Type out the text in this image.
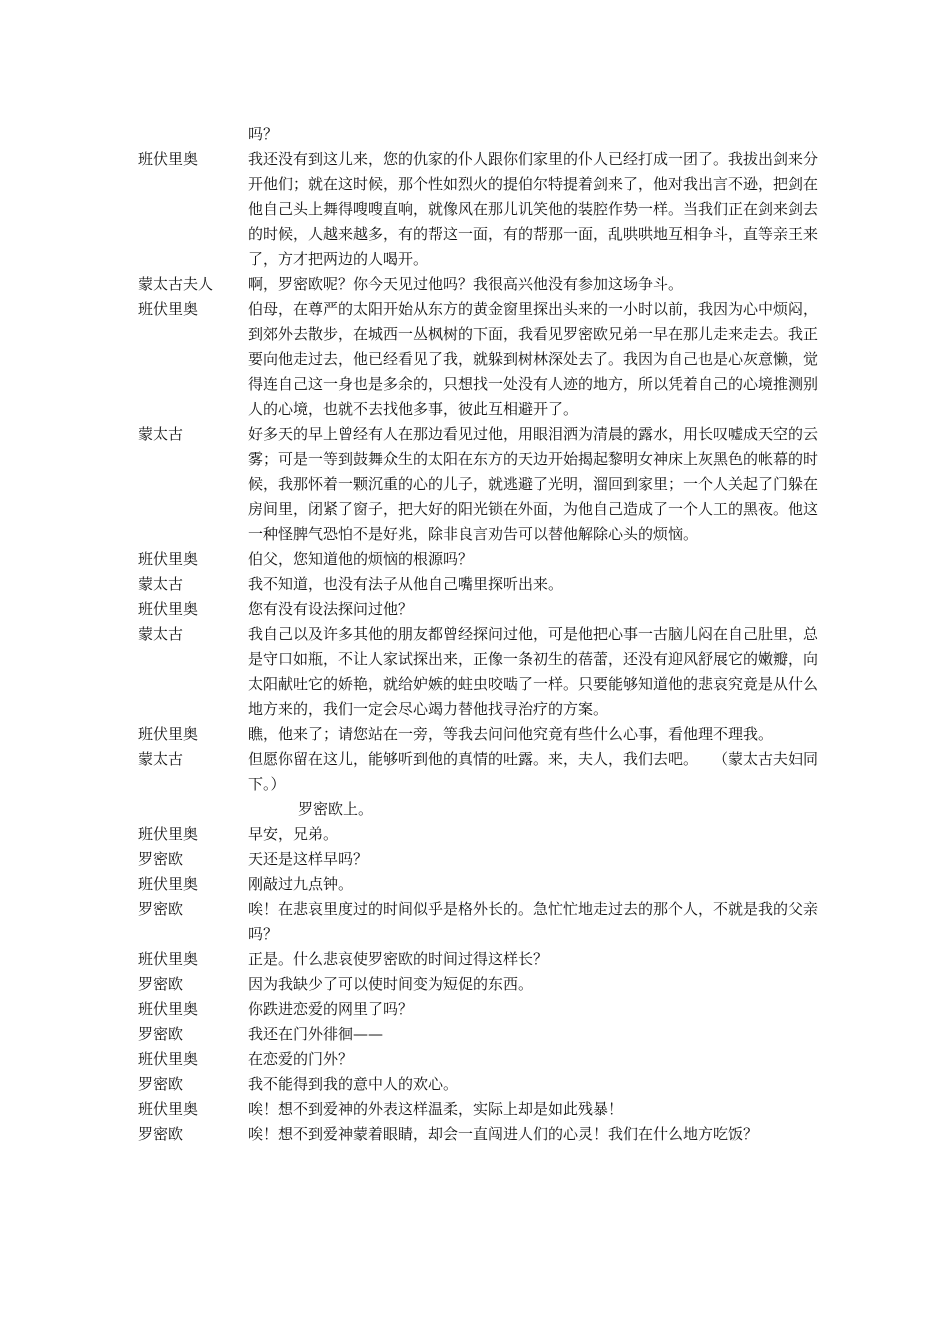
吗？
班伏里奥	我还没有到这儿来，您的仇家的仆人跟你们家里的仆人已经打成一团了。我拔出剑来分开他们；就在这时候，那个性如烈火的提伯尔特提着剑来了，他对我出言不逊，把剑在他自己头上舞得嗖嗖直响，就像风在那儿讥笑他的装腔作势一样。当我们正在剑来剑去的时候，人越来越多，有的帮这一面，有的帮那一面，乱哄哄地互相争斗，直等亲王来了，方才把两边的人喝开。
蒙太古夫人	啊，罗密欧呢？你今天见过他吗？我很高兴他没有参加这场争斗。
班伏里奥	伯母，在尊严的太阳开始从东方的黄金窗里探出头来的一小时以前，我因为心中烦闷，到郊外去散步，在城西一丛枫树的下面，我看见罗密欧兄弟一早在那儿走来走去。我正要向他走过去，他已经看见了我，就躲到树林深处去了。我因为自己也是心灰意懒，觉得连自己这一身也是多余的，只想找一处没有人迹的地方，所以凭着自己的心境推测别人的心境，也就不去找他多事，彼此互相避开了。
蒙太古	好多天的早上曾经有人在那边看见过他，用眼泪洒为清晨的露水，用长叹嘘成天空的云雾；可是一等到鼓舞众生的太阳在东方的天边开始揭起黎明女神床上灰黑色的帐幕的时候，我那怀着一颗沉重的心的儿子，就逃避了光明，溜回到家里；一个人关起了门躲在房间里，闭紧了窗子，把大好的阳光锁在外面，为他自己造成了一个人工的黑夜。他这一种怪脾气恐怕不是好兆，除非良言劝告可以替他解除心头的烦恼。
班伏里奥	伯父，您知道他的烦恼的根源吗？
蒙太古	我不知道，也没有法子从他自己嘴里探听出来。
班伏里奥	您有没有设法探问过他？
蒙太古	我自己以及许多其他的朋友都曾经探问过他，可是他把心事一古脑儿闷在自己肚里，总是守口如瓶，不让人家试探出来，正像一条初生的蓓蕾，还没有迎风舒展它的嫩瓣，向太阳献吐它的娇艳，就给妒嫉的蛀虫咬啮了一样。只要能够知道他的悲哀究竟是从什么地方来的，我们一定会尽心竭力替他找寻治疗的方案。
班伏里奥	瞧，他来了；请您站在一旁，等我去问问他究竟有些什么心事，看他理不理我。
蒙太古	但愿你留在这儿，能够听到他的真情的吐露。来，夫人，我们去吧。　　（蒙太古夫妇同下。）
罗密欧上。
班伏里奥	早安，兄弟。
罗密欧	天还是这样早吗？
班伏里奥	刚敲过九点钟。
罗密欧	唉！在悲哀里度过的时间似乎是格外长的。急忙忙地走过去的那个人，不就是我的父亲吗？
班伏里奥	正是。什么悲哀使罗密欧的时间过得这样长？
罗密欧	因为我缺少了可以使时间变为短促的东西。
班伏里奥	你跌进恋爱的网里了吗？
罗密欧	我还在门外徘徊——
班伏里奥	在恋爱的门外？
罗密欧	我不能得到我的意中人的欢心。
班伏里奥	唉！想不到爱神的外表这样温柔，实际上却是如此残暴！
罗密欧	唉！想不到爱神蒙着眼睛，却会一直闯进人们的心灵！我们在什么地方吃饭？
